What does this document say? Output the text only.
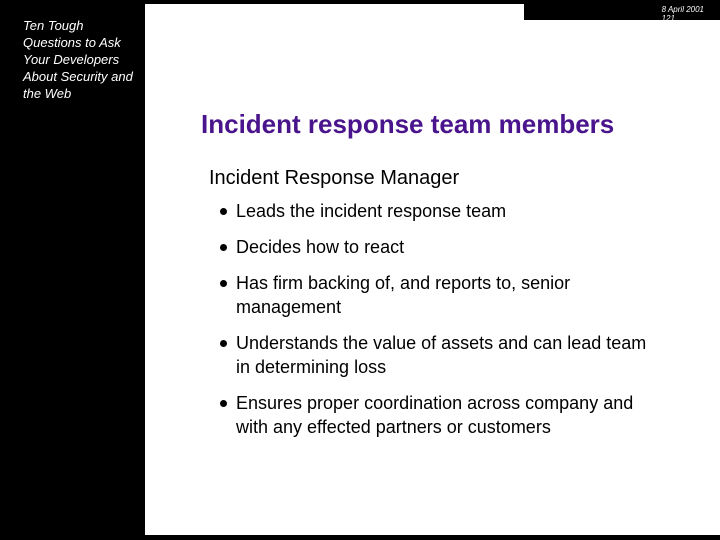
Ten Tough Questions to Ask Your Developers About Security and the Web

8 April 2001
121
Incident response team members
Incident Response Manager
Leads the incident response team
Decides how to react
Has firm backing of, and reports to, senior management
Understands the value of assets and can lead team in determining loss
Ensures proper coordination across company and with any effected partners or customers
